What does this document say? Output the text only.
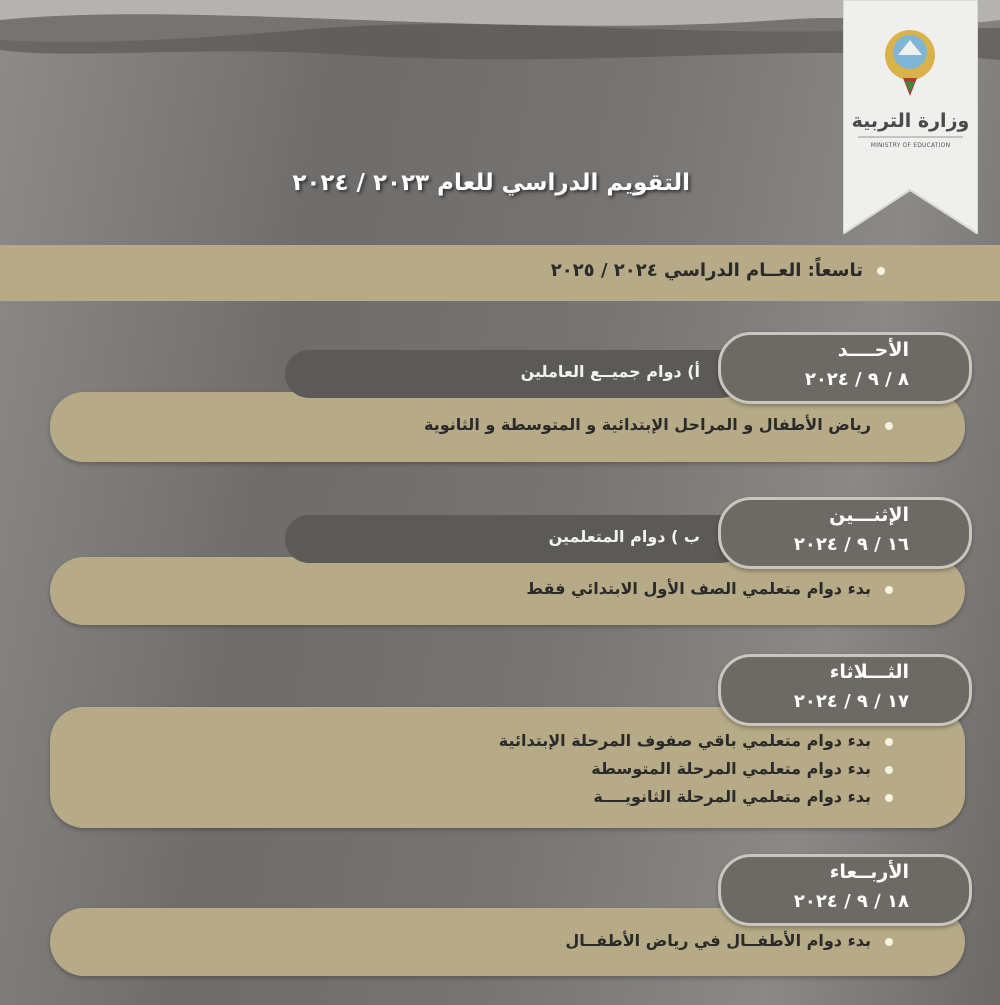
وزارة التربية
MINISTRY OF EDUCATION
التقويم الدراسي للعام ٢٠٢٣ / ٢٠٢٤
تاسعاً: العــام الدراسي ٢٠٢٤ / ٢٠٢٥
رياض الأطفال و المراحل الإبتدائية و المتوسطة و الثانوية
أ) دوام جميــع العاملين
الأحــــد
٨ / ٩ / ٢٠٢٤
بدء دوام متعلمي الصف الأول الابتدائي فقط
ب ) دوام المتعلمين
الإثنـــين
١٦ / ٩ / ٢٠٢٤
بدء دوام متعلمي باقي صفوف المرحلة الإبتدائية
بدء دوام متعلمي المرحلة المتوسطة
بدء دوام متعلمي المرحلة الثانويــــة
الثـــلاثاء
١٧ / ٩ / ٢٠٢٤
بدء دوام الأطفــال في رياض الأطفــال
الأربــعاء
١٨ / ٩ / ٢٠٢٤
